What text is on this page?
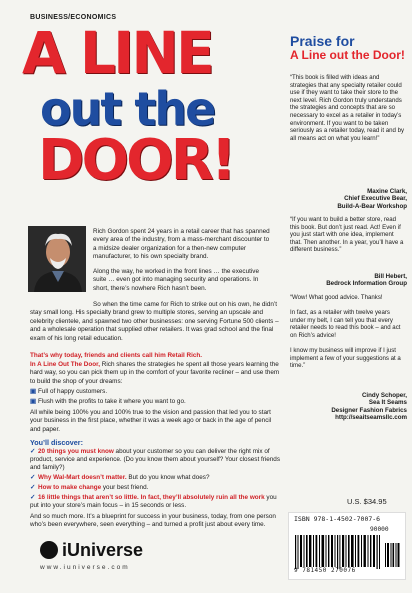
BUSINESS/ECONOMICS
A LINE
out the
DOOR!
Praise for
A Line out the Door!
“This book is filled with ideas and strategies that any specialty retailer could use if they want to take their store to the next level. Rich Gordon truly understands the strategies and concepts that are so necessary to excel as a retailer in today’s environment. If you want to be taken seriously as a retailer today, read it and by all means act on what you learn!”
Maxine Clark,
Chief Executive Bear,
Build-A-Bear Workshop
“If you want to build a better store, read this book. But don’t just read. Act! Even if you just start with one idea, implement that. Then another. In a year, you’ll have a different business.”
Bill Hebert,
Bedrock Information Group
“Wow! What good advice. Thanks!

In fact, as a retailer with twelve years under my belt, I can tell you that every retailer needs to read this book – and act on Rich’s advice!

I know my business will improve if I just implement a few of your suggestions at a time.”
Cindy Schoper,
Sea It Seams
Designer Fashion Fabrics
http://seaitseamsllc.com
Rich Gordon spent 24 years in a retail career that has spanned every area of the industry, from a mass-merchant discounter to a midsize dealer organization for a then-new computer manufacturer, to his own specialty brand.
Along the way, he worked in the front lines … the executive suite … even got into managing security and operations. In short, there’s nowhere Rich hasn’t been.
So when the time came for Rich to strike out on his own, he didn’t stay small long. His specialty brand grew to multiple stores, serving an upscale and celebrity clientele, and spawned two other businesses: one serving Fortune 500 clients – and a wholesale operation that supplied other retailers. It was grad school and the final exam of his long retail education.
That’s why today, friends and clients call him Retail Rich.
In A Line Out The Door, Rich shares the strategies he spent all those years learning the hard way, so you can pick them up in the comfort of your favorite recliner – and use them to build the shop of your dreams:
▣ Full of happy customers.
▣ Flush with the profits to take it where you want to go.
All while being 100% you and 100% true to the vision and passion that led you to start your business in the first place, whether it was a week ago or back in the age of pencil and paper.
You’ll discover:
✓ 20 things you must know about your customer so you can deliver the right mix of product, service and experience. (Do you know them about yourself? Your closest friends and family?)
✓ Why Wal-Mart doesn’t matter. But do you know what does?
✓ How to make change your best friend.
✓ 16 little things that aren’t so little. In fact, they’ll absolutely ruin all the work you put into your store’s main focus – in 15 seconds or less.
And so much more. It’s a blueprint for success in your business, today, from one person who’s been everywhere, seen everything – and turned a profit just about every time.
U.S. $34.95
ISBN 978-1-4502-7007-6
90000
9 781450 270076
iUniverse
www.iuniverse.com
